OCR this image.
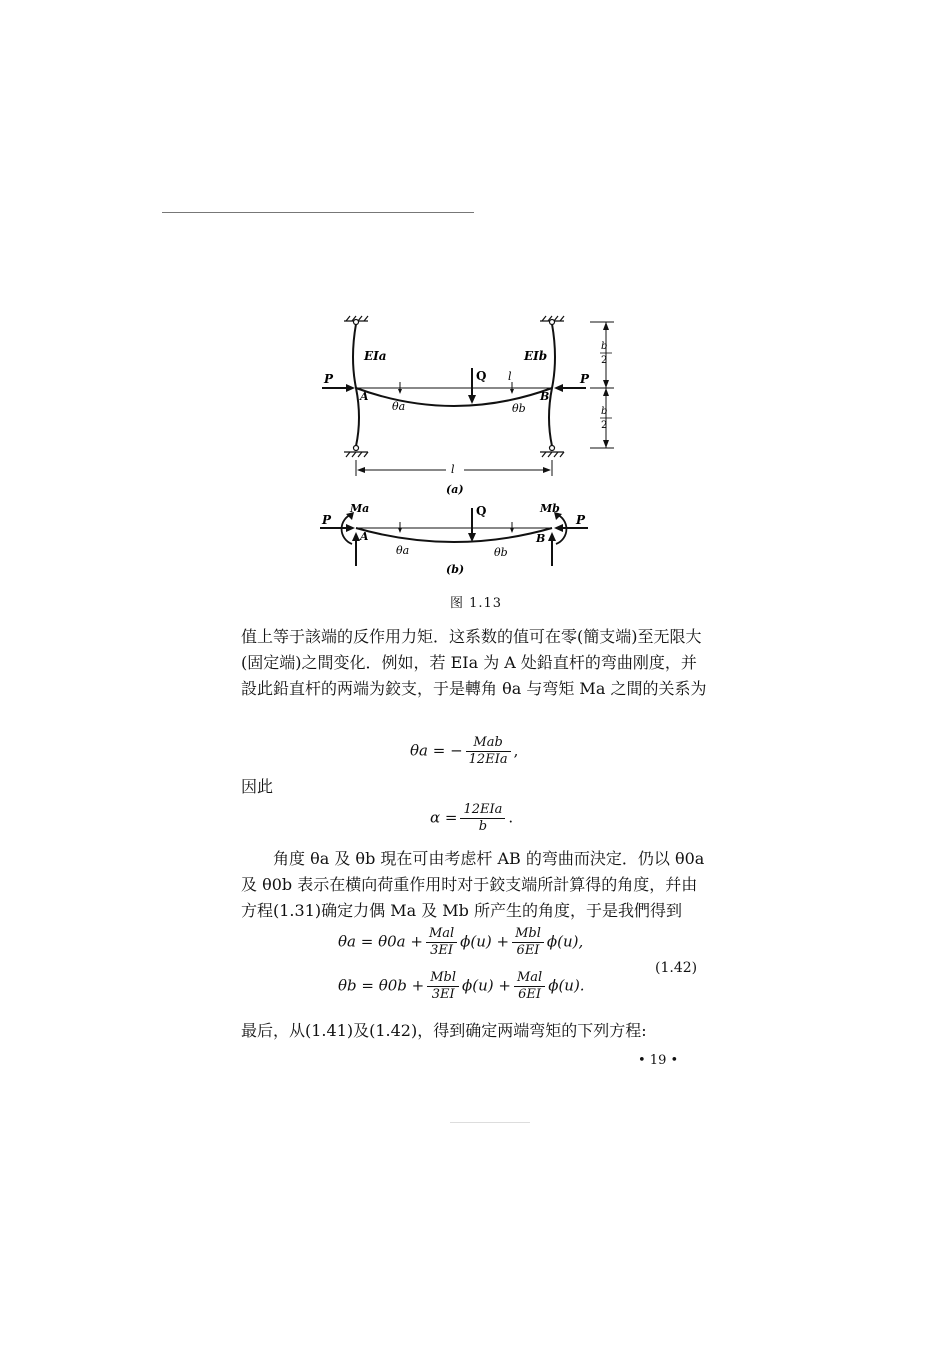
EIa	EIb
P	P
Q l
A	B
θa	θb
b
2
b
2
l
(a)
P	P
Ma	Mb
Q
A	B
θa	θb
(b)
图 1.13
值上等于該端的反作用力矩．这系数的值可在零(簡支端)至无限大(固定端)之間变化．例如，若 EIa 为 A 处鉛直杆的弯曲刚度，并設此鉛直杆的两端为鉸支，于是轉角 θa 与弯矩 Ma 之間的关系为
θa = − $\frac{\text{Mab}}{\text{12EIa}}$ ,
因此
$\alpha = \frac{\text{12EIa}}{b}$ .
角度 θa 及 θb 現在可由考虑杆 AB 的弯曲而決定．仍以 θ0a 及 θ0b 表示在横向荷重作用时对于鉸支端所計算得的角度，幷由方程(1.31)确定力偶 Ma 及 Mb 所产生的角度，于是我們得到
$\theta a = \theta 0a + \frac{\text{Mal}}{3EI} \phi(u) + \frac{\text{Mbl}}{6EI} \phi(u)$,
$\theta b = \theta 0b + \frac{\text{Mbl}}{3EI} \phi(u) + \frac{\text{Mal}}{6EI} \phi(u)$.
(1.42)
最后，从(1.41)及(1.42)，得到确定两端弯矩的下列方程:
• 19 •
